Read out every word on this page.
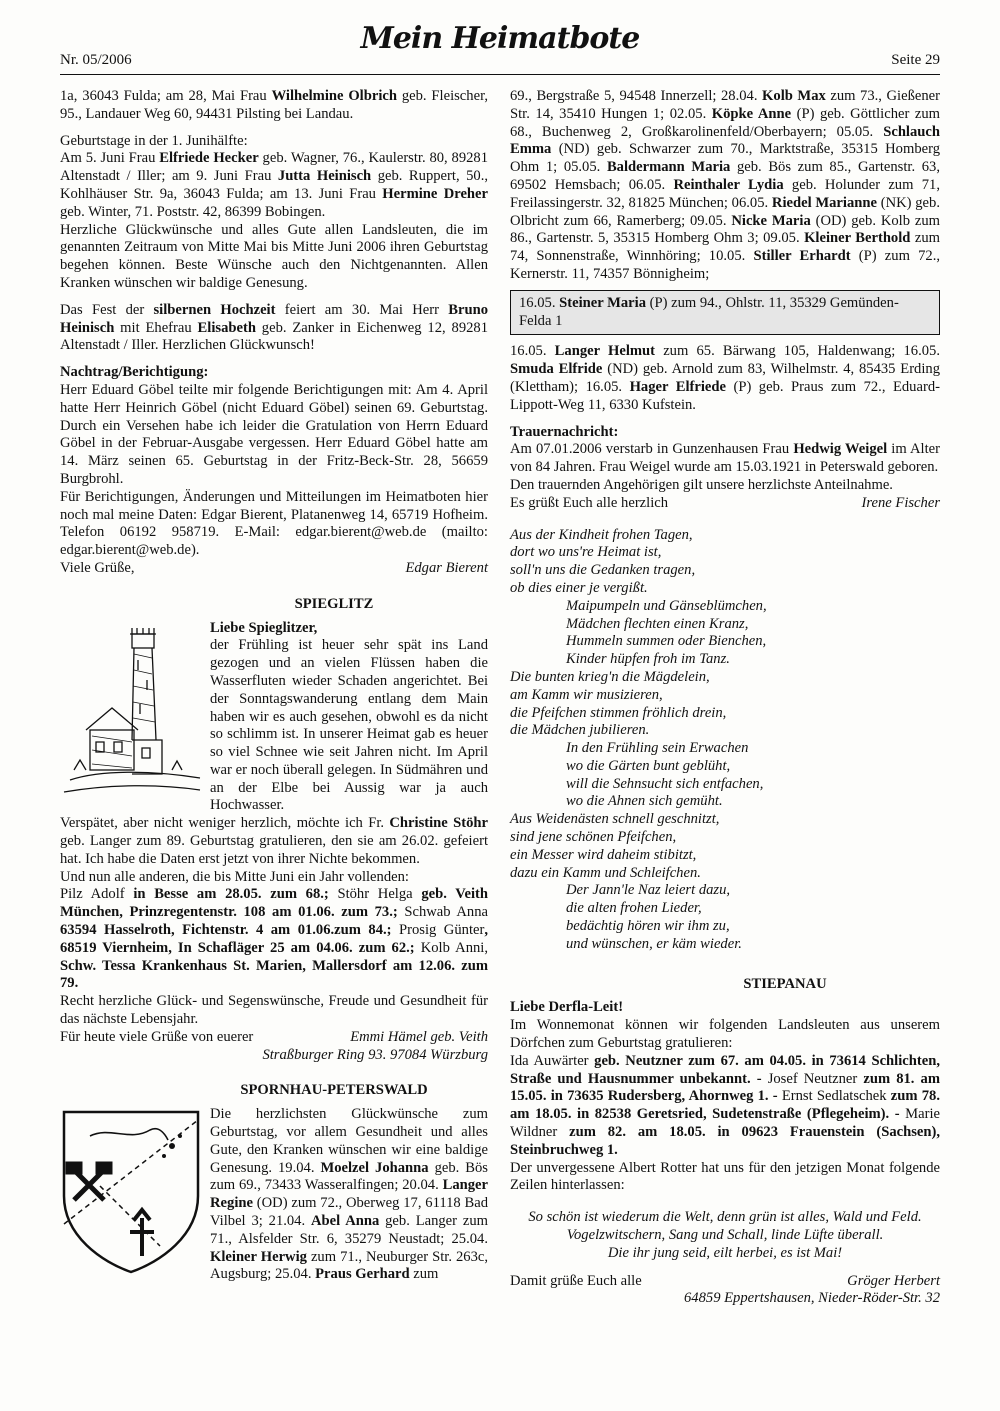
Nr. 05/2006
Mein Heimatbote
Seite 29

1a, 36043 Fulda; am 28, Mai Frau Wilhelmine Olbrich geb. Fleischer, 95., Landauer Weg 60, 94431 Pilsting bei Landau.

Geburtstage in der 1. Junihälfte:

Am 5. Juni Frau Elfriede Hecker geb. Wagner, 76., Kaulerstr. 80, 89281 Altenstadt / Iller; am 9. Juni Frau Jutta Heinisch geb. Ruppert, 50., Kohlhäuser Str. 9a, 36043 Fulda; am 13. Juni Frau Hermine Dreher geb. Winter, 71. Poststr. 42, 86399 Bobingen.

Herzliche Glückwünsche und alles Gute allen Landsleuten, die im genannten Zeitraum von Mitte Mai bis Mitte Juni 2006 ihren Geburtstag begehen können. Beste Wünsche auch den Nichtgenannten. Allen Kranken wünschen wir baldige Genesung.

Das Fest der silbernen Hochzeit feiert am 30. Mai Herr Bruno Heinisch mit Ehefrau Elisabeth geb. Zanker in Eichenweg 12, 89281 Altenstadt / Iller. Herzlichen Glückwunsch!

Nachtrag/Berichtigung:

Herr Eduard Göbel teilte mir folgende Berichtigungen mit: Am 4. April hatte Herr Heinrich Göbel (nicht Eduard Göbel) seinen 69. Geburtstag. Durch ein Versehen habe ich leider die Gratulation von Herrn Eduard Göbel in der Februar-Ausgabe vergessen. Herr Eduard Göbel hatte am 14. März seinen 65. Geburtstag in der Fritz-Beck-Str. 28, 56659 Burgbrohl.

Für Berichtigungen, Änderungen und Mitteilungen im Heimatboten hier noch mal meine Daten: Edgar Bierent, Platanenweg 14, 65719 Hofheim. Telefon 06192 958719. E-Mail: edgar.bierent@web.de (mailto: edgar.bierent@web.de).

Viele Grüße,	Edgar Bierent
SPIEGLITZ
Liebe Spieglitzer,

der Frühling ist heuer sehr spät ins Land gezogen und an vielen Flüssen haben die Wasserfluten wieder Schaden angerichtet. Bei der Sonntagswanderung entlang dem Main haben wir es auch gesehen, obwohl es da nicht so schlimm ist. In unserer Heimat gab es heuer so viel Schnee wie seit Jahren nicht. Im April war er noch überall gelegen. In Südmähren und an der Elbe bei Aussig war ja auch Hochwasser.

Verspätet, aber nicht weniger herzlich, möchte ich Fr. Christine Stöhr geb. Langer zum 89. Geburtstag gratulieren, den sie am 26.02. gefeiert hat. Ich habe die Daten erst jetzt von ihrer Nichte bekommen.

Und nun alle anderen, die bis Mitte Juni ein Jahr vollenden:

Pilz Adolf in Besse am 28.05. zum 68.; Stöhr Helga geb. Veith München, Prinzregentenstr. 108 am 01.06. zum 73.; Schwab Anna 63594 Hasselroth, Fichtenstr. 4 am 01.06.zum 84.; Prosig Günter, 68519 Viernheim, In Schafläger 25 am 04.06. zum 62.; Kolb Anni, Schw. Tessa Krankenhaus St. Marien, Mallersdorf am 12.06. zum 79.

Recht herzliche Glück- und Segenswünsche, Freude und Gesundheit für das nächste Lebensjahr.

Für heute viele Grüße von euerer	Emmi Hämel geb. Veith
Straßburger Ring 93. 97084 Würzburg
SPORNHAU-PETERSWALD

Die herzlichsten Glückwünsche zum Geburtstag, vor allem Gesundheit und alles Gute, den Kranken wünschen wir eine baldige Genesung. 19.04. Moelzel Johanna geb. Bös zum 69., 73433 Wasseralfingen; 20.04. Langer Regine (OD) zum 72., Oberweg 17, 61118 Bad Vilbel 3; 21.04. Abel Anna geb. Langer zum 71., Alsfelder Str. 6, 35279 Neustadt; 25.04. Kleiner Herwig zum 71., Neuburger Str. 263c, Augsburg; 25.04. Praus Gerhard zum

69., Bergstraße 5, 94548 Innerzell; 28.04. Kolb Max zum 73., Gießener Str. 14, 35410 Hungen 1; 02.05. Köpke Anne (P) geb. Göttlicher zum 68., Buchenweg 2, Großkarolinenfeld/Oberbayern; 05.05. Schlauch Emma (ND) geb. Schwarzer zum 70., Marktstraße, 35315 Homberg Ohm 1; 05.05. Baldermann Maria geb. Bös zum 85., Gartenstr. 63, 69502 Hemsbach; 06.05. Reinthaler Lydia geb. Holunder zum 71, Freilassingerstr. 32, 81825 München; 06.05. Riedel Marianne (NK) geb. Olbricht zum 66, Ramerberg; 09.05. Nicke Maria (OD) geb. Kolb zum 86., Gartenstr. 5, 35315 Homberg Ohm 3; 09.05. Kleiner Berthold zum 74, Sonnenstraße, Winnhöring; 10.05. Stiller Erhardt (P) zum 72., Kernerstr. 11, 74357 Bönnigheim;

16.05. Steiner Maria (P) zum 94., Ohlstr. 11, 35329 Gemünden-Felda 1

16.05. Langer Helmut zum 65. Bärwang 105, Haldenwang; 16.05. Smuda Elfride (ND) geb. Arnold zum 83, Wilhelmstr. 4, 85435 Erding (Klettham); 16.05. Hager Elfriede (P) geb. Praus zum 72., Eduard-Lippott-Weg 11, 6330 Kufstein.

Trauernachricht:

Am 07.01.2006 verstarb in Gunzenhausen Frau Hedwig Weigel im Alter von 84 Jahren. Frau Weigel wurde am 15.03.1921 in Peterswald geboren.

Den trauernden Angehörigen gilt unsere herzlichste Anteilnahme.

Es grüßt Euch alle herzlich	Irene Fischer
Aus der Kindheit frohen Tagen,
dort wo uns're Heimat ist,
soll'n uns die Gedanken tragen,
ob dies einer je vergißt.
Maipumpeln und Gänseblümchen,
Mädchen flechten einen Kranz,
Hummeln summen oder Bienchen,
Kinder hüpfen froh im Tanz.
Die bunten krieg'n die Mägdelein,
am Kamm wir musizieren,
die Pfeifchen stimmen fröhlich drein,
die Mädchen jubilieren.
In den Frühling sein Erwachen
wo die Gärten bunt geblüht,
will die Sehnsucht sich entfachen,
wo die Ahnen sich gemüht.
Aus Weidenästen schnell geschnitzt,
sind jene schönen Pfeifchen,
ein Messer wird daheim stibitzt,
dazu ein Kamm und Schleifchen.
Der Jann'le Naz leiert dazu,
die alten frohen Lieder,
bedächtig hören wir ihm zu,
und wünschen, er käm wieder.
STIEPANAU
Liebe Derfla-Leit!

Im Wonnemonat können wir folgenden Landsleuten aus unserem Dörfchen zum Geburtstag gratulieren:

Ida Auwärter geb. Neutzner zum 67. am 04.05. in 73614 Schlichten, Straße und Hausnummer unbekannt. - Josef Neutzner zum 81. am 15.05. in 73635 Rudersberg, Ahornweg 1. - Ernst Sedlatschek zum 78. am 18.05. in 82538 Geretsried, Sudetenstraße (Pflegeheim). - Marie Wildner zum 82. am 18.05. in 09623 Frauenstein (Sachsen), Steinbruchweg 1.

Der unvergessene Albert Rotter hat uns für den jetzigen Monat folgende Zeilen hinterlassen:

So schön ist wiederum die Welt, denn grün ist alles, Wald und Feld.
Vogelzwitschern, Sang und Schall, linde Lüfte überall.
Die ihr jung seid, eilt herbei, es ist Mai!
Damit grüße Euch alle	Gröger Herbert
64859 Eppertshausen, Nieder-Röder-Str. 32
